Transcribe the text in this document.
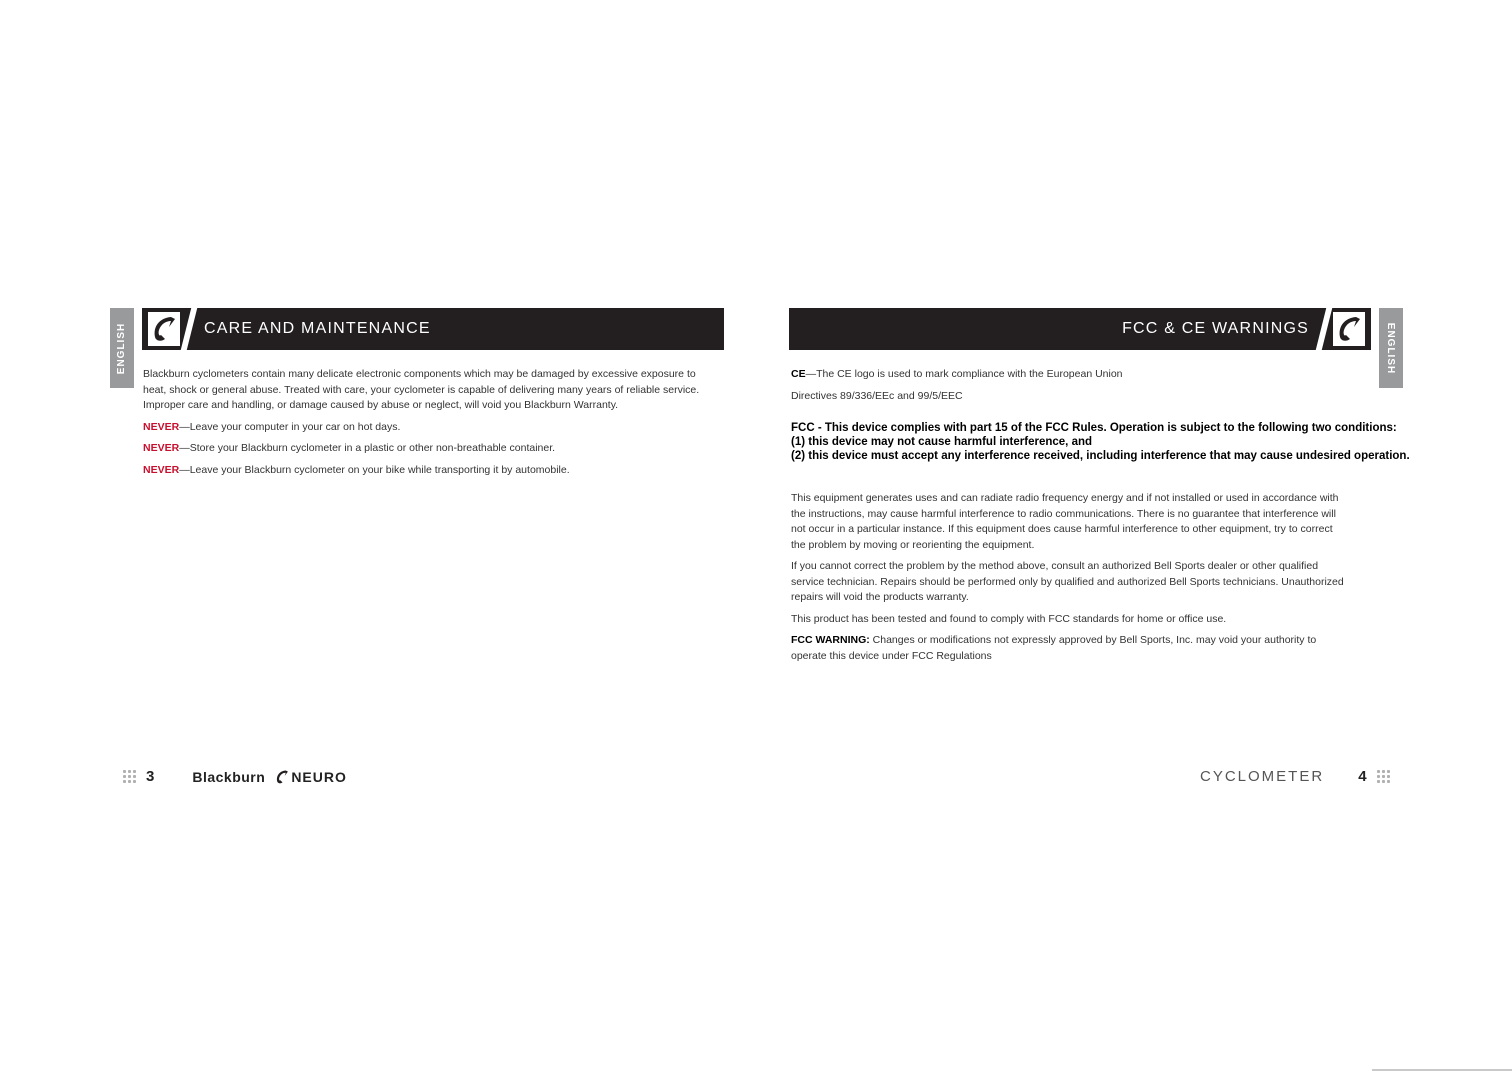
ENGLISH	CARE AND MAINTENANCE

Blackburn cyclometers contain many delicate electronic components which may be damaged by excessive exposure to heat, shock or general abuse. Treated with care, your cyclometer is capable of delivering many years of reliable service. Improper care and handling, or damage caused by abuse or neglect, will void you Blackburn Warranty.

NEVER—Leave your computer in your car on hot days.

NEVER—Store your Blackburn cyclometer in a plastic or other non-breathable container.

NEVER—Leave your Blackburn cyclometer on your bike while transporting it by automobile.

3	Blackburn NEURO
FCC & CE WARNINGS	ENGLISH

CE—The CE logo is used to mark compliance with the European Union

Directives 89/336/EEc and 99/5/EEC

FCC - This device complies with part 15 of the FCC Rules. Operation is subject to the following two conditions:
(1) this device may not cause harmful interference, and
(2) this device must accept any interference received, including interference that may cause undesired operation.

This equipment generates uses and can radiate radio frequency energy and if not installed or used in accordance with the instructions, may cause harmful interference to radio communications. There is no guarantee that interference will not occur in a particular instance. If this equipment does cause harmful interference to other equipment, try to correct the problem by moving or reorienting the equipment.

If you cannot correct the problem by the method above, consult an authorized Bell Sports dealer or other qualified service technician. Repairs should be performed only by qualified and authorized Bell Sports technicians. Unauthorized repairs will void the products warranty.

This product has been tested and found to comply with FCC standards for home or office use.

FCC WARNING: Changes or modifications not expressly approved by Bell Sports, Inc. may void your authority to operate this device under FCC Regulations

CYCLOMETER 4
